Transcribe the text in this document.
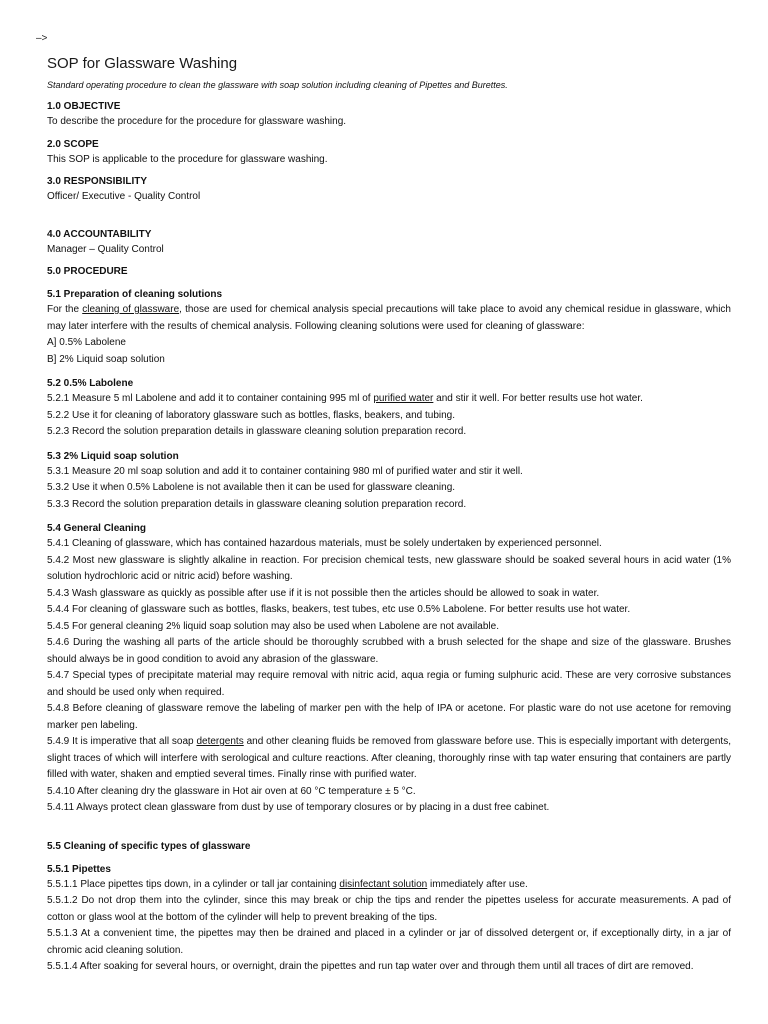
–>
SOP for Glassware Washing

Standard operating procedure to clean the glassware with soap solution including cleaning of Pipettes and Burettes.

1.0 OBJECTIVE

To describe the procedure for the procedure for glassware washing.

2.0 SCOPE

This SOP is applicable to the procedure for glassware washing.

3.0 RESPONSIBILITY

Officer/ Executive - Quality Control

4.0 ACCOUNTABILITY

Manager – Quality Control

5.0 PROCEDURE

5.1 Preparation of cleaning solutions

For the cleaning of glassware, those are used for chemical analysis special precautions will take place to avoid any chemical residue in glassware, which may later interfere with the results of chemical analysis. Following cleaning solutions were used for cleaning of glassware:

A] 0.5% Labolene

B] 2% Liquid soap solution

5.2 0.5% Labolene

5.2.1 Measure 5 ml Labolene and add it to container containing 995 ml of purified water and stir it well. For better results use hot water.

5.2.2 Use it for cleaning of laboratory glassware such as bottles, flasks, beakers, and tubing.

5.2.3 Record the solution preparation details in glassware cleaning solution preparation record.

5.3 2% Liquid soap solution

5.3.1 Measure 20 ml soap solution and add it to container containing 980 ml of purified water and stir it well.

5.3.2 Use it when 0.5% Labolene is not available then it can be used for glassware cleaning.

5.3.3 Record the solution preparation details in glassware cleaning solution preparation record.

5.4 General Cleaning

5.4.1 Cleaning of glassware, which has contained hazardous materials, must be solely undertaken by experienced personnel.

5.4.2 Most new glassware is slightly alkaline in reaction. For precision chemical tests, new glassware should be soaked several hours in acid water (1% solution hydrochloric acid or nitric acid) before washing.

5.4.3 Wash glassware as quickly as possible after use if it is not possible then the articles should be allowed to soak in water.

5.4.4 For cleaning of glassware such as bottles, flasks, beakers, test tubes, etc use 0.5% Labolene. For better results use hot water.

5.4.5 For general cleaning 2% liquid soap solution may also be used when Labolene are not available.

5.4.6 During the washing all parts of the article should be thoroughly scrubbed with a brush selected for the shape and size of the glassware. Brushes should always be in good condition to avoid any abrasion of the glassware.

5.4.7 Special types of precipitate material may require removal with nitric acid, aqua regia or fuming sulphuric acid. These are very corrosive substances and should be used only when required.

5.4.8 Before cleaning of glassware remove the labeling of marker pen with the help of IPA or acetone. For plastic ware do not use acetone for removing marker pen labeling.

5.4.9 It is imperative that all soap detergents and other cleaning fluids be removed from glassware before use. This is especially important with detergents, slight traces of which will interfere with serological and culture reactions. After cleaning, thoroughly rinse with tap water ensuring that containers are partly filled with water, shaken and emptied several times. Finally rinse with purified water.

5.4.10 After cleaning dry the glassware in Hot air oven at 60 °C temperature ± 5 °C.

5.4.11 Always protect clean glassware from dust by use of temporary closures or by placing in a dust free cabinet.

5.5 Cleaning of specific types of glassware

5.5.1 Pipettes

5.5.1.1 Place pipettes tips down, in a cylinder or tall jar containing disinfectant solution immediately after use.

5.5.1.2 Do not drop them into the cylinder, since this may break or chip the tips and render the pipettes useless for accurate measurements. A pad of cotton or glass wool at the bottom of the cylinder will help to prevent breaking of the tips.

5.5.1.3 At a convenient time, the pipettes may then be drained and placed in a cylinder or jar of dissolved detergent or, if exceptionally dirty, in a jar of chromic acid cleaning solution.

5.5.1.4 After soaking for several hours, or overnight, drain the pipettes and run tap water over and through them until all traces of dirt are removed.
